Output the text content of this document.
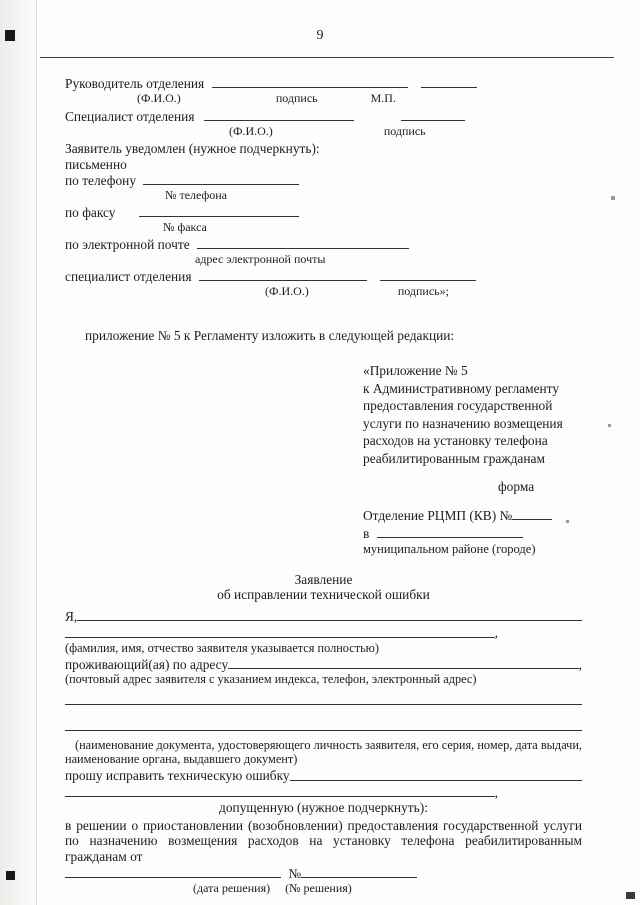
9
Руководитель отделения
(Ф.И.О.)	подпись	М.П.
Специалист отделения
(Ф.И.О.)	подпись
Заявитель уведомлен (нужное подчеркнуть):
письменно
по телефону
№ телефона
по факсу
№ факса
по электронной почте
адрес электронной почты
специалист отделения
(Ф.И.О.)	подпись»;

приложение № 5 к Регламенту изложить в следующей редакции:

«Приложение № 5
к Административному регламенту
предоставления государственной
услуги по назначению возмещения
расходов на установку телефона
реабилитированным гражданам
форма
Отделение РЦМП (КВ) №
в
муниципальном районе (городе)
Заявление
об исправлении технической ошибки
Я,
,
(фамилия, имя, отчество заявителя указывается полностью)
проживающий(ая) по адресу	,
(почтовый адрес заявителя с указанием индекса, телефон, электронный адрес)

(наименование документа, удостоверяющего личность заявителя, его серия, номер, дата выдачи, наименование органа, выдавшего документ)

прошу исправить техническую ошибку
,
допущенную (нужное подчеркнуть):

в решении о приостановлении (возобновлении) предоставления государственной услуги по назначению возмещения расходов на установку телефона реабилитированным гражданам от

№
(дата решения) (№ решения)
